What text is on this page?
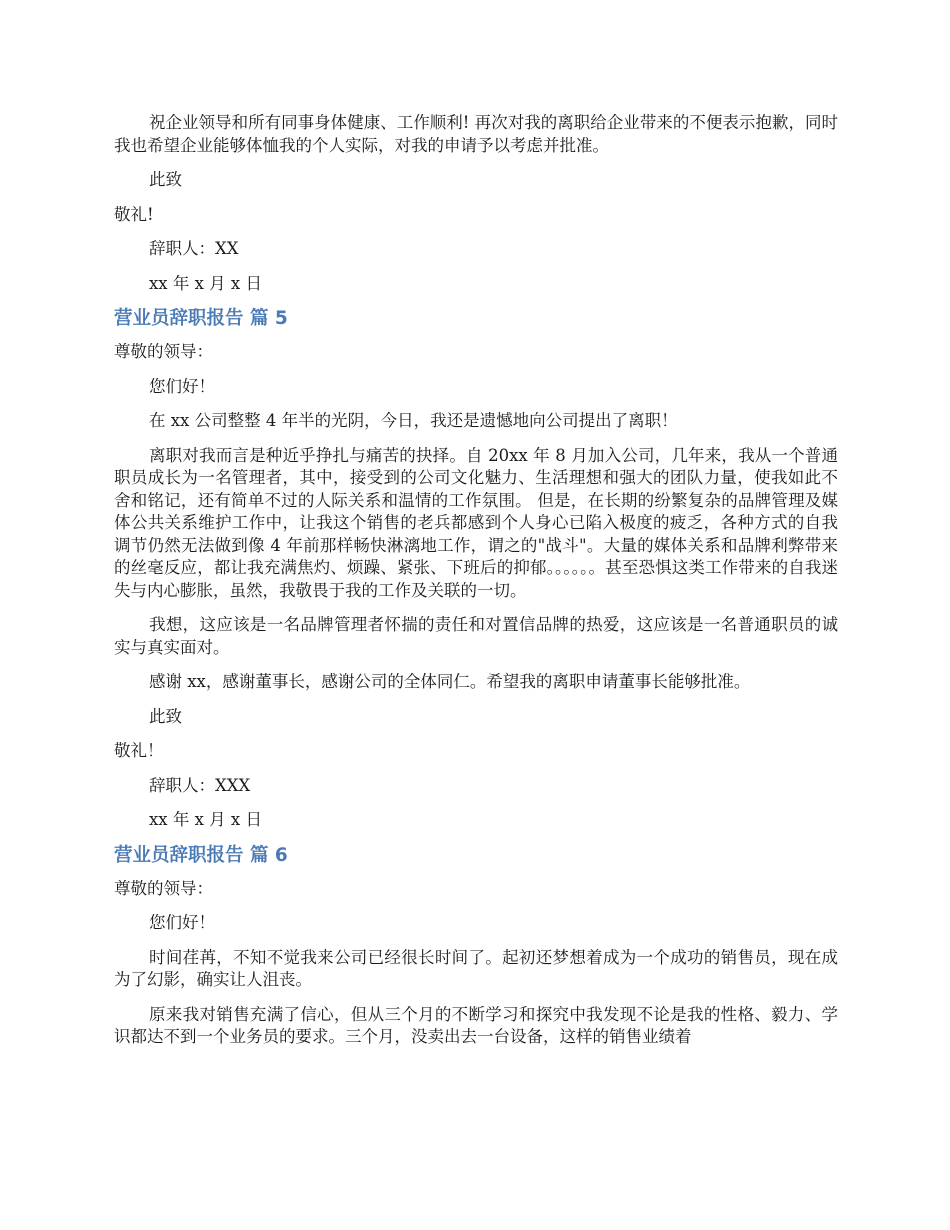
祝企业领导和所有同事身体健康、工作顺利! 再次对我的离职给企业带来的不便表示抱歉，同时我也希望企业能够体恤我的个人实际，对我的申请予以考虑并批准。
此致
敬礼!
辞职人：XX
xx 年 x 月 x 日
营业员辞职报告 篇 5
尊敬的领导：
您们好！
在 xx 公司整整 4 年半的光阴，今日，我还是遗憾地向公司提出了离职！
离职对我而言是种近乎挣扎与痛苦的抉择。自 20xx 年 8 月加入公司，几年来，我从一个普通职员成长为一名管理者，其中，接受到的公司文化魅力、生活理想和强大的团队力量，使我如此不舍和铭记，还有简单不过的人际关系和温情的工作氛围。 但是，在长期的纷繁复杂的品牌管理及媒体公共关系维护工作中，让我这个销售的老兵都感到个人身心已陷入极度的疲乏，各种方式的自我调节仍然无法做到像 4 年前那样畅快淋漓地工作，谓之的"战斗"。大量的媒体关系和品牌利弊带来的丝毫反应，都让我充满焦灼、烦躁、紧张、下班后的抑郁。。。。。。甚至恐惧这类工作带来的自我迷失与内心膨胀，虽然，我敬畏于我的工作及关联的一切。
我想，这应该是一名品牌管理者怀揣的责任和对置信品牌的热爱，这应该是一名普通职员的诚实与真实面对。
感谢 xx，感谢董事长，感谢公司的全体同仁。希望我的离职申请董事长能够批准。
此致
敬礼！
辞职人：XXX
xx 年 x 月 x 日
营业员辞职报告 篇 6
尊敬的领导：
您们好！
时间荏苒，不知不觉我来公司已经很长时间了。起初还梦想着成为一个成功的销售员，现在成为了幻影，确实让人沮丧。
原来我对销售充满了信心，但从三个月的不断学习和探究中我发现不论是我的性格、毅力、学识都达不到一个业务员的要求。三个月，没卖出去一台设备，这样的销售业绩着
